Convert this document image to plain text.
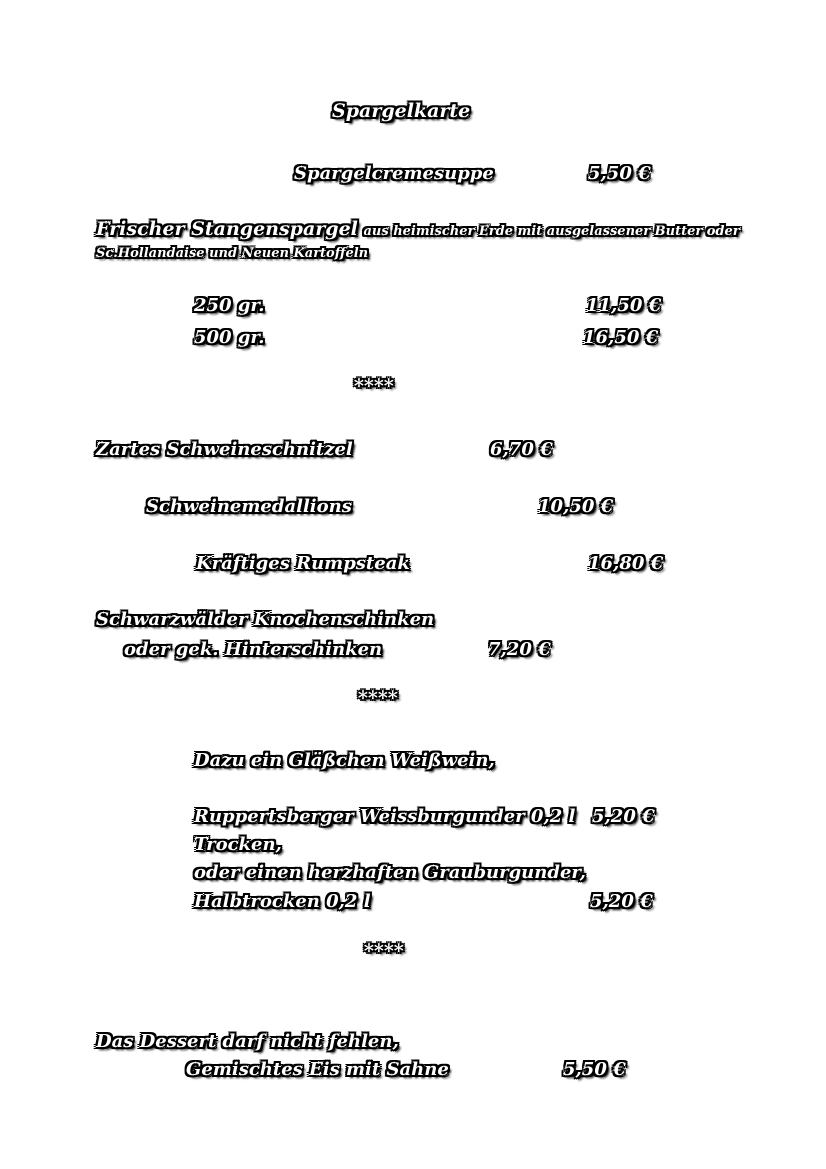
Spargelkarte
Spargelcremesuppe	5,50 €
Frischer Stangenspargel aus heimischer Erde mit ausgelassener Butter oder
Sc.Hollandaise und Neuen Kartoffeln
250 gr.	11,50 €
500 gr.	16,50 €
****
Zartes Schweineschnitzel	6,70 €
Schweinemedallions	10,50 €
Kräftiges Rumpsteak	16,80 €
Schwarzwälder Knochenschinken
oder gek. Hinterschinken	7,20 €
****
Dazu ein Gläßchen Weißwein,
Ruppertsberger Weissburgunder 0,2 l 5,20 €
Trocken,
oder einen herzhaften Grauburgunder,
Halbtrocken 0,2 l	5,20 €
****
Das Dessert darf nicht fehlen,
Gemischtes Eis mit Sahne	5,50 €
